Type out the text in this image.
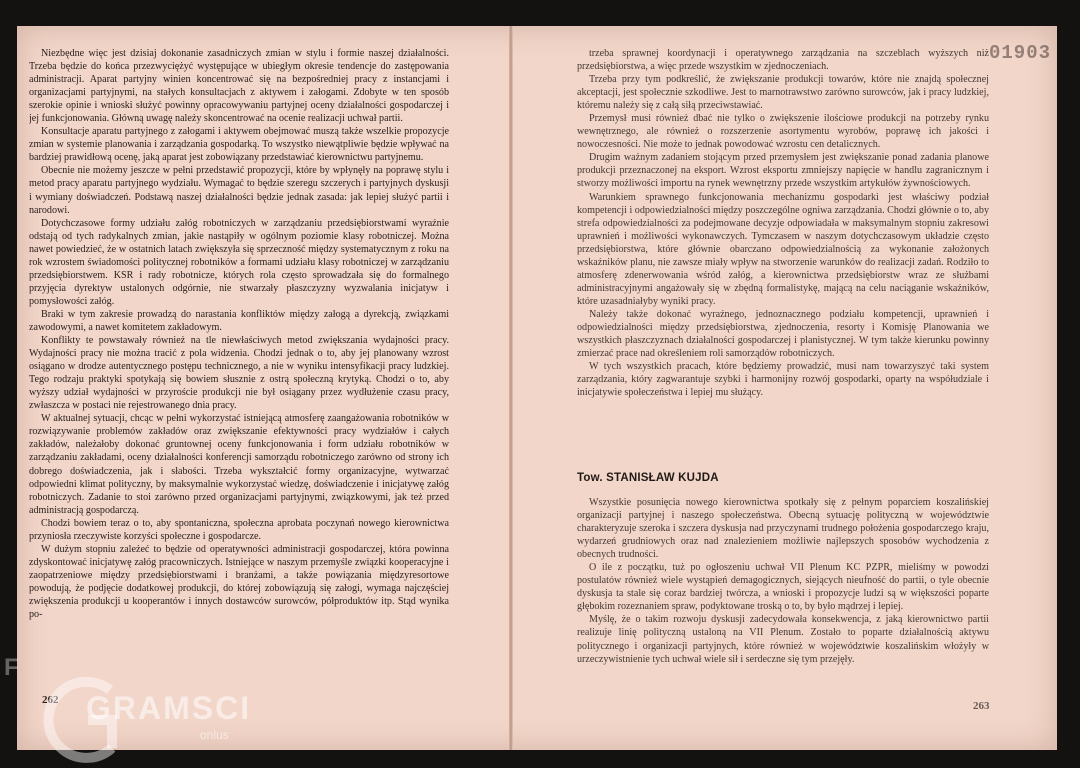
Niezbędne więc jest dzisiaj dokonanie zasadniczych zmian w stylu i formie naszej działalności. Trzeba będzie do końca przezwyciężyć występujące w ubiegłym okresie tendencje do zastępowania administracji. Aparat partyjny winien koncentrować się na bezpośredniej pracy z instancjami i organizacjami partyjnymi, na stałych konsultacjach z aktywem i załogami. Zdobyte w ten sposób szerokie opinie i wnioski służyć powinny opracowywaniu partyjnej oceny działalności gospodarczej i jej funkcjonowania. Główną uwagę należy skoncentrować na ocenie realizacji uchwał partii.

Konsultacje aparatu partyjnego z załogami i aktywem obejmować muszą także wszelkie propozycje zmian w systemie planowania i zarządzania gospodarką. To wszystko niewątpliwie będzie wpływać na bardziej prawidłową ocenę, jaką aparat jest zobowiązany przedstawiać kierownictwu partyjnemu.

Obecnie nie możemy jeszcze w pełni przedstawić propozycji, które by wpłynęły na poprawę stylu i metod pracy aparatu partyjnego wydziału. Wymagać to będzie szeregu szczerych i partyjnych dyskusji i wymiany doświadczeń. Podstawą naszej działalności będzie jednak zasada: jak lepiej służyć partii i narodowi.

Dotychczasowe formy udziału załóg robotniczych w zarządzaniu przedsiębiorstwami wyraźnie odstają od tych radykalnych zmian, jakie nastąpiły w ogólnym poziomie klasy robotniczej. Można nawet powiedzieć, że w ostatnich latach zwiększyła się sprzeczność między systematycznym z roku na rok wzrostem świadomości politycznej robotników a formami udziału klasy robotniczej w zarządzaniu przedsiębiorstwem. KSR i rady robotnicze, których rola często sprowadzała się do formalnego przyjęcia dyrektyw ustalonych odgórnie, nie stwarzały płaszczyzny wyzwalania inicjatyw i pomysłowości załóg.

Braki w tym zakresie prowadzą do narastania konfliktów między załogą a dyrekcją, związkami zawodowymi, a nawet komitetem zakładowym.

Konflikty te powstawały również na tle niewłaściwych metod zwiększania wydajności pracy. Wydajności pracy nie można tracić z pola widzenia. Chodzi jednak o to, aby jej planowany wzrost osiągano w drodze autentycznego postępu technicznego, a nie w wyniku intensyfikacji pracy ludzkiej. Tego rodzaju praktyki spotykają się bowiem słusznie z ostrą społeczną krytyką. Chodzi o to, aby wyższy udział wydajności w przyroście produkcji nie był osiągany przez wydłużenie czasu pracy, zwłaszcza w postaci nie rejestrowanego dnia pracy.

W aktualnej sytuacji, chcąc w pełni wykorzystać istniejącą atmosferę zaangażowania robotników w rozwiązywanie problemów zakładów oraz zwiększanie efektywności pracy wydziałów i całych zakładów, należałoby dokonać gruntownej oceny funkcjonowania i form udziału robotników w zarządzaniu zakładami, oceny działalności konferencji samorządu robotniczego zarówno od strony ich dobrego doświadczenia, jak i słabości. Trzeba wykształcić formy organizacyjne, wytwarzać odpowiedni klimat polityczny, by maksymalnie wykorzystać wiedzę, doświadczenie i inicjatywę załóg robotniczych. Zadanie to stoi zarówno przed organizacjami partyjnymi, związkowymi, jak też przed administracją gospodarczą.

Chodzi bowiem teraz o to, aby spontaniczna, społeczna aprobata poczynań nowego kierownictwa przyniosła rzeczywiste korzyści społeczne i gospodarcze.

W dużym stopniu zależeć to będzie od operatywności administracji gospodarczej, która powinna zdyskontować inicjatywę załóg pracowniczych. Istniejące w naszym przemyśle związki kooperacyjne i zaopatrzeniowe między przedsiębiorstwami i branżami, a także powiązania międzyresortowe powodują, że podjęcie dodatkowej produkcji, do której zobowiązują się załogi, wymaga najczęściej zwiększenia produkcji u kooperantów i innych dostawców surowców, półproduktów itp. Stąd wynika po-

262

trzeba sprawnej koordynacji i operatywnego zarządzania na szczeblach wyższych niż przedsiębiorstwa, a więc przede wszystkim w zjednoczeniach.

Trzeba przy tym podkreślić, że zwiększanie produkcji towarów, które nie znajdą społecznej akceptacji, jest społecznie szkodliwe. Jest to marnotrawstwo zarówno surowców, jak i pracy ludzkiej, któremu należy się z całą siłą przeciwstawiać.

Przemysł musi również dbać nie tylko o zwiększenie ilościowe produkcji na potrzeby rynku wewnętrznego, ale również o rozszerzenie asortymentu wyrobów, poprawę ich jakości i nowoczesności. Nie może to jednak powodować wzrostu cen detalicznych.

Drugim ważnym zadaniem stojącym przed przemysłem jest zwiększanie ponad zadania planowe produkcji przeznaczonej na eksport. Wzrost eksportu zmniejszy napięcie w handlu zagranicznym i stworzy możliwości importu na rynek wewnętrzny przede wszystkim artykułów żywnościowych.

Warunkiem sprawnego funkcjonowania mechanizmu gospodarki jest właściwy podział kompetencji i odpowiedzialności między poszczególne ogniwa zarządzania. Chodzi głównie o to, aby strefa odpowiedzialności za podejmowane decyzje odpowiadała w maksymalnym stopniu zakresowi uprawnień i możliwości wykonawczych. Tymczasem w naszym dotychczasowym układzie często przedsiębiorstwa, które głównie obarczano odpowiedzialnością za wykonanie założonych wskaźników planu, nie zawsze miały wpływ na stworzenie warunków do realizacji zadań. Rodziło to atmosferę zdenerwowania wśród załóg, a kierownictwa przedsiębiorstw wraz ze służbami administracyjnymi angażowały się w zbędną formalistykę, mającą na celu naciąganie wskaźników, które uzasadniałyby wyniki pracy.

Należy także dokonać wyraźnego, jednoznacznego podziału kompetencji, uprawnień i odpowiedzialności między przedsiębiorstwa, zjednoczenia, resorty i Komisję Planowania we wszystkich płaszczyznach działalności gospodarczej i planistycznej. W tym także kierunku powinny zmierzać prace nad określeniem roli samorządów robotniczych.

W tych wszystkich pracach, które będziemy prowadzić, musi nam towarzyszyć taki system zarządzania, który zagwarantuje szybki i harmonijny rozwój gospodarki, oparty na współudziale i inicjatywie społeczeństwa i lepiej mu służący.

Tow. STANISŁAW KUJDA

Wszystkie posunięcia nowego kierownictwa spotkały się z pełnym poparciem koszalińskiej organizacji partyjnej i naszego społeczeństwa. Obecną sytuację polityczną w województwie charakteryzuje szeroka i szczera dyskusja nad przyczynami trudnego położenia gospodarczego kraju, wydarzeń grudniowych oraz nad znalezieniem możliwie najlepszych sposobów wychodzenia z obecnych trudności.

O ile z początku, tuż po ogłoszeniu uchwał VII Plenum KC PZPR, mieliśmy w powodzi postulatów również wiele wystąpień demagogicznych, siejących nieufność do partii, o tyle obecnie dyskusja ta stale się coraz bardziej twórcza, a wnioski i propozycje ludzi są w większości poparte głębokim rozeznaniem spraw, podyktowane troską o to, by było mądrzej i lepiej.

Myślę, że o takim rozwoju dyskusji zadecydowała konsekwencja, z jaką kierownictwo partii realizuje linię polityczną ustaloną na VII Plenum. Zostało to poparte działalnością aktywu politycznego i organizacji partyjnych, które również w województwie koszalińskim włożyły w urzeczywistnienie tych uchwał wiele sił i serdeczne się tym przejęły.

01903
263
F
GRAMSCI
onlus
